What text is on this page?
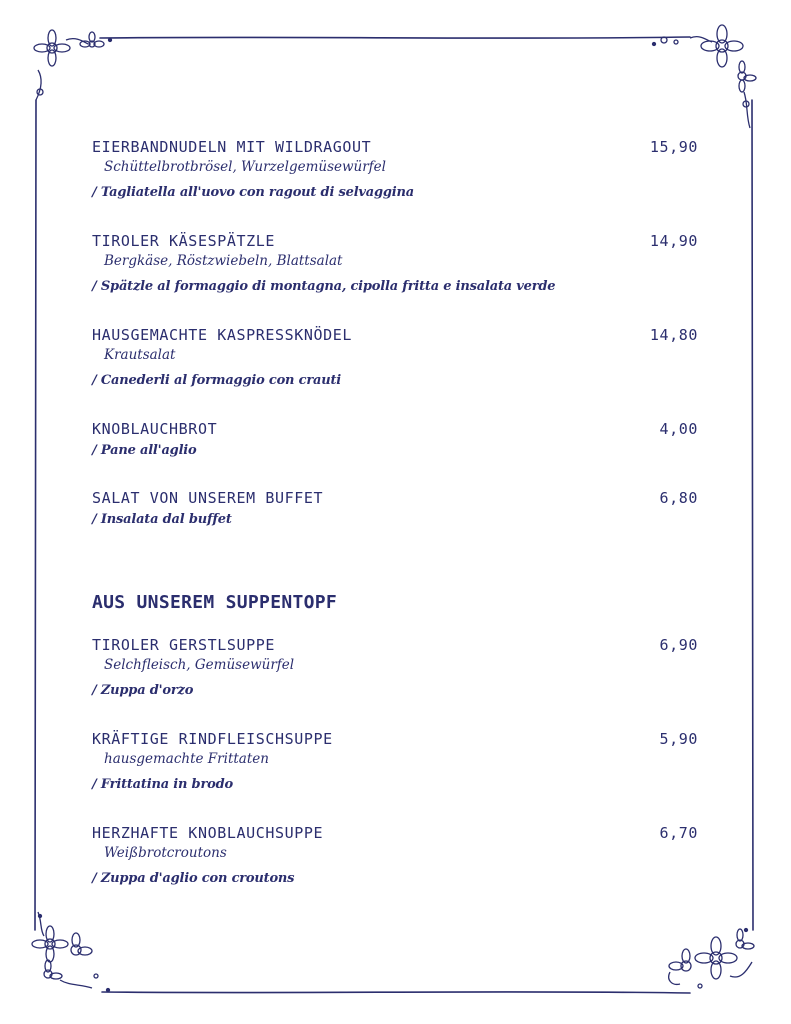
EIERBANDNUDELN MIT WILDRAGOUT	15,90
Schüttelbrotbrösel, Wurzelgemüsewürfel
/ Tagliatella all'uovo con ragout di selvaggina
TIROLER KÄSESPÄTZLE	14,90
Bergkäse, Röstzwiebeln, Blattsalat
/ Spätzle al formaggio di montagna, cipolla fritta e insalata verde
HAUSGEMACHTE KASPRESSKNÖDEL	14,80
Krautsalat
/ Canederli al formaggio con crauti
KNOBLAUCHBROT	4,00
/ Pane all'aglio
SALAT VON UNSEREM BUFFET	6,80
/ Insalata dal buffet
AUS UNSEREM SUPPENTOPF
TIROLER GERSTLSUPPE	6,90
Selchfleisch, Gemüsewürfel
/ Zuppa d'orzo
KRÄFTIGE RINDFLEISCHSUPPE	5,90
hausgemachte Frittaten
/ Frittatina in brodo
HERZHAFTE KNOBLAUCHSUPPE	6,70
Weißbrotcroutons
/ Zuppa d'aglio con croutons
